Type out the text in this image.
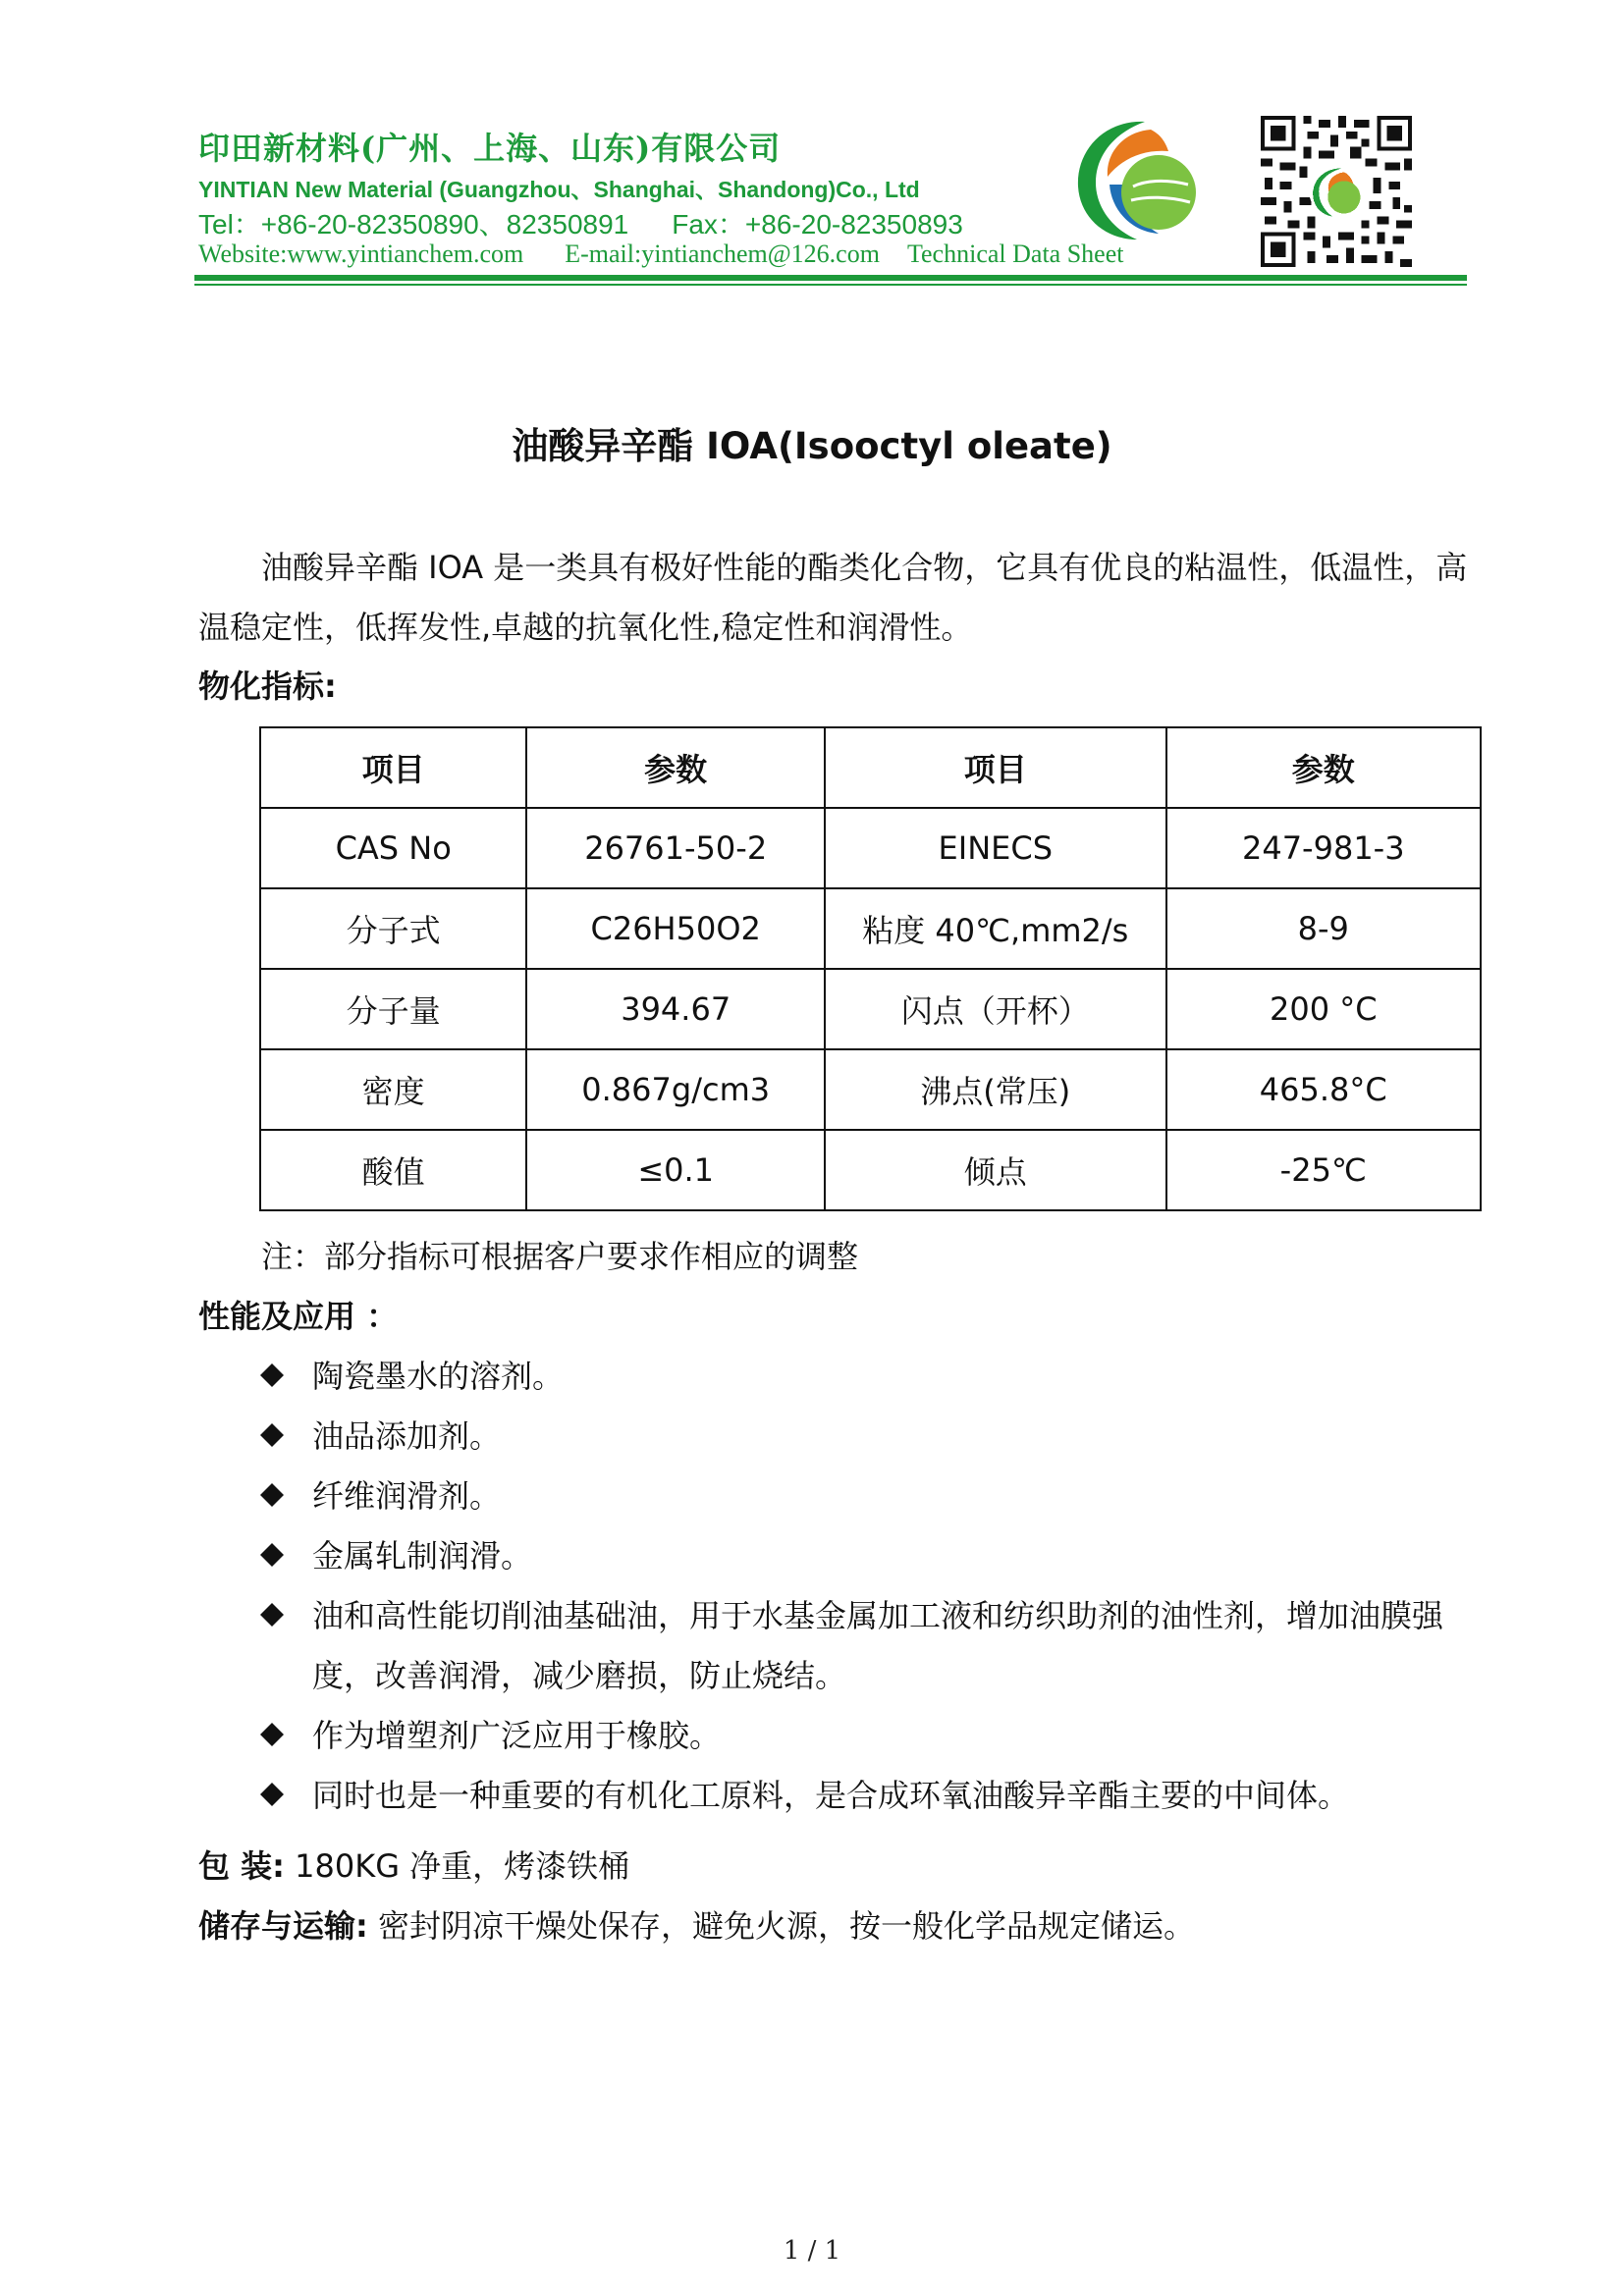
印田新材料(广州、上海、山东)有限公司
YINTIAN New Material (Guangzhou、Shanghai、Shandong)Co., Ltd
Tel：+86-20-82350890、82350891 Fax：+86-20-82350893
Website:www.yintianchem.com E-mail:yintianchem@126.com Technical Data Sheet
油酸异辛酯 IOA(Isooctyl oleate)
油酸异辛酯 IOA 是一类具有极好性能的酯类化合物，它具有优良的粘温性，低温性，高温稳定性，低挥发性,卓越的抗氧化性,稳定性和润滑性。
物化指标:
项目	参数	项目	参数
CAS No	26761-50-2	EINECS	247-981-3
分子式	C26H50O2	粘度 40℃,mm2/s	8-9
分子量	394.67	闪点（开杯）	200 °C
密度	0.867g/cm3	沸点(常压)	465.8°C
酸值	≤0.1	倾点	-25℃
注：部分指标可根据客户要求作相应的调整
性能及应用 ：
陶瓷墨水的溶剂。
油品添加剂。
纤维润滑剂。
金属轧制润滑。
油和高性能切削油基础油，用于水基金属加工液和纺织助剂的油性剂，增加油膜强度，改善润滑，减少磨损，防止烧结。
作为增塑剂广泛应用于橡胶。
同时也是一种重要的有机化工原料，是合成环氧油酸异辛酯主要的中间体。
包 装: 180KG 净重，烤漆铁桶
储存与运输: 密封阴凉干燥处保存，避免火源，按一般化学品规定储运。
1 / 1
